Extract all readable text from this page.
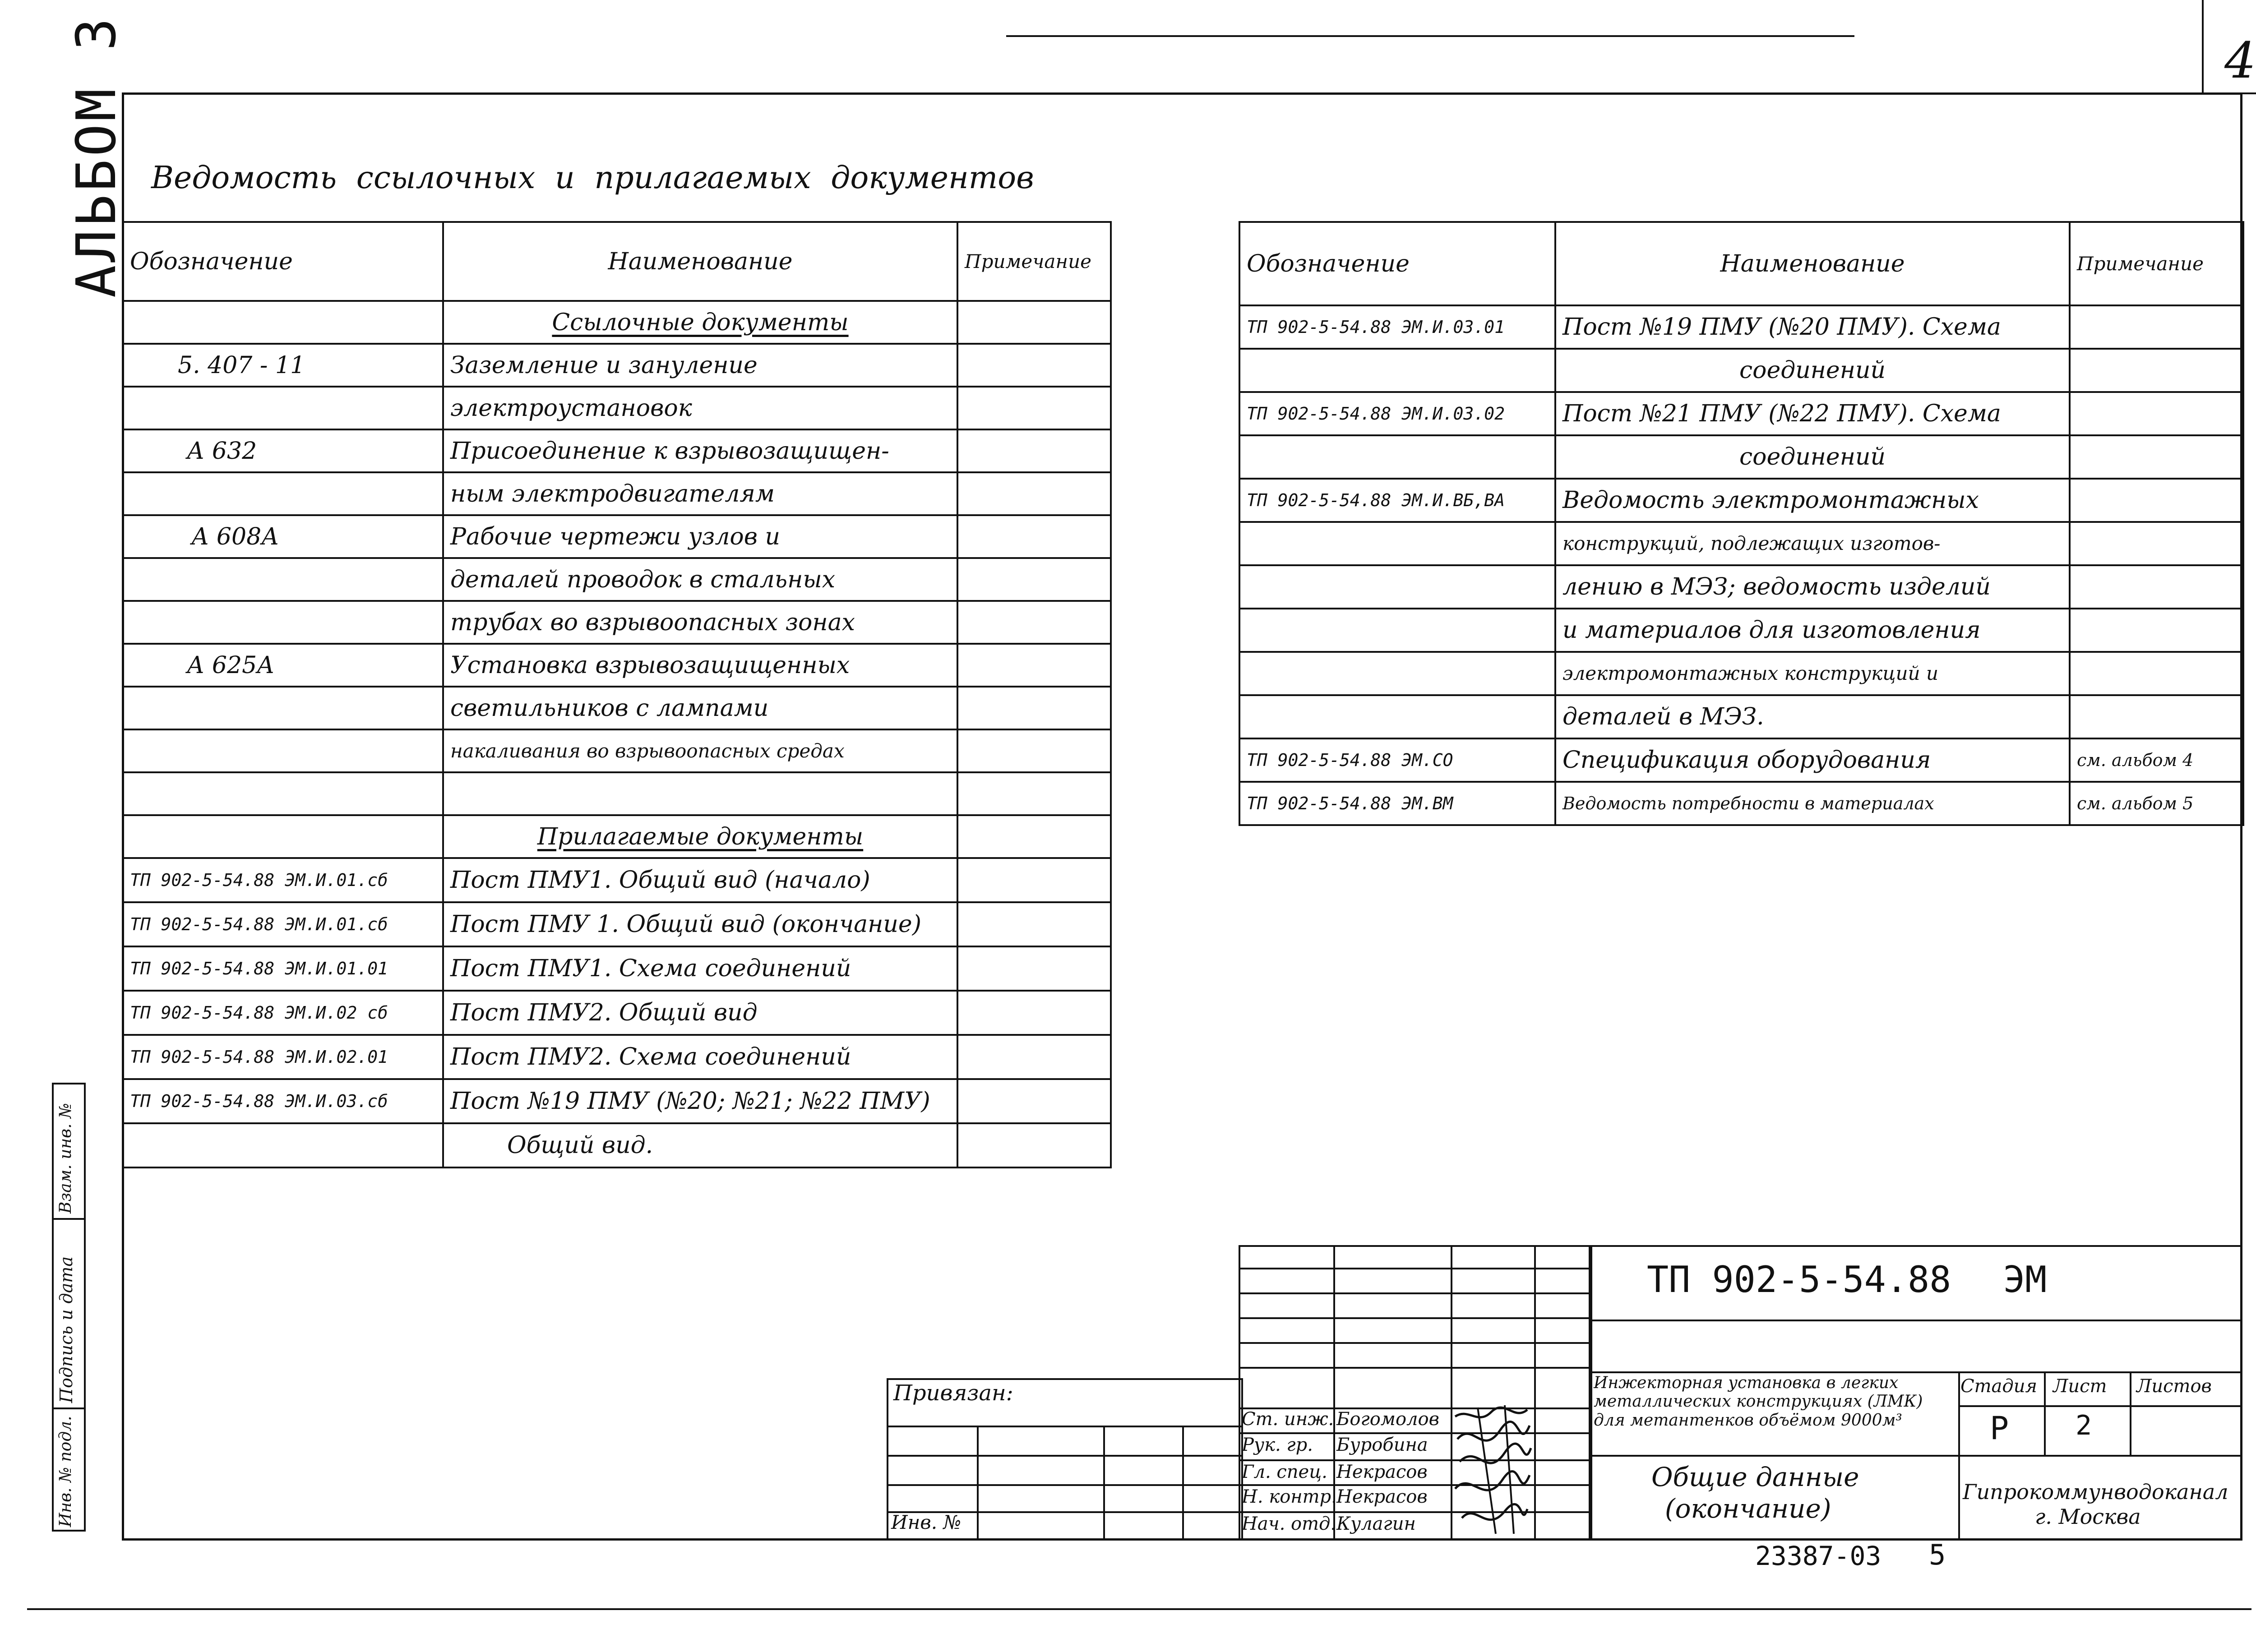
4
АЛЬБОМ 3 Ведомость ссылочных и прилагаемых документов
Обозначение	Наименование	Примечание
	Ссылочные документы	
5. 407 - 11	Заземление и зануление	
	электроустановок	
А 632	Присоединение к взрывозащищен-	
	ным электродвигателям	
А 608А	Рабочие чертежи узлов и	
	деталей проводок в стальных	
	трубах во взрывоопасных зонах	
А 625А	Установка взрывозащищенных	
	светильников с лампами	
	накаливания во взрывоопасных средах	

	Прилагаемые документы	
ТП 902-5-54.88 ЭМ.И.01.сб	Пост ПМУ1. Общий вид (начало)	
ТП 902-5-54.88 ЭМ.И.01.сб	Пост ПМУ 1. Общий вид (окончание)	
ТП 902-5-54.88 ЭМ.И.01.01	Пост ПМУ1. Схема соединений	
ТП 902-5-54.88 ЭМ.И.02 сб	Пост ПМУ2. Общий вид	
ТП 902-5-54.88 ЭМ.И.02.01	Пост ПМУ2. Схема соединений	
ТП 902-5-54.88 ЭМ.И.03.сб	Пост №19 ПМУ (№20; №21; №22 ПМУ)	
	Общий вид.	
Обозначение	Наименование	Примечание
ТП 902-5-54.88 ЭМ.И.03.01	Пост №19 ПМУ (№20 ПМУ). Схема	
	соединений	
ТП 902-5-54.88 ЭМ.И.03.02	Пост №21 ПМУ (№22 ПМУ). Схема	
	соединений	
ТП 902-5-54.88 ЭМ.И.ВБ,ВА	Ведомость электромонтажных	
	конструкций, подлежащих изготов-	
	лению в МЭЗ; ведомость изделий	
	и материалов для изготовления	
	электромонтажных конструкций и	
	деталей в МЭЗ.	
ТП 902-5-54.88 ЭМ.СО	Спецификация оборудования	см. альбом 4
ТП 902-5-54.88 ЭМ.ВМ	Ведомость потребности в материалах	см. альбом 5
Инв. № подл.
Подпись и дата
Взам. инв. №
Привязан:
Инв. №
Ст. инж. Богомолов
Рук. гр. Буробина
Гл. спец. Некрасов
Н. контр. Некрасов
Нач. отд. Кулагин
ТП 902-5-54.88 ЭМ
Инжекторная установка в легких металлических конструкциях (ЛМК) для метантенков объёмом 9000м³
Стадия Лист Листов
Р 2
Общие данные
(окончание)
Гипрокоммунводоканал
г. Москва
23387-03 5
